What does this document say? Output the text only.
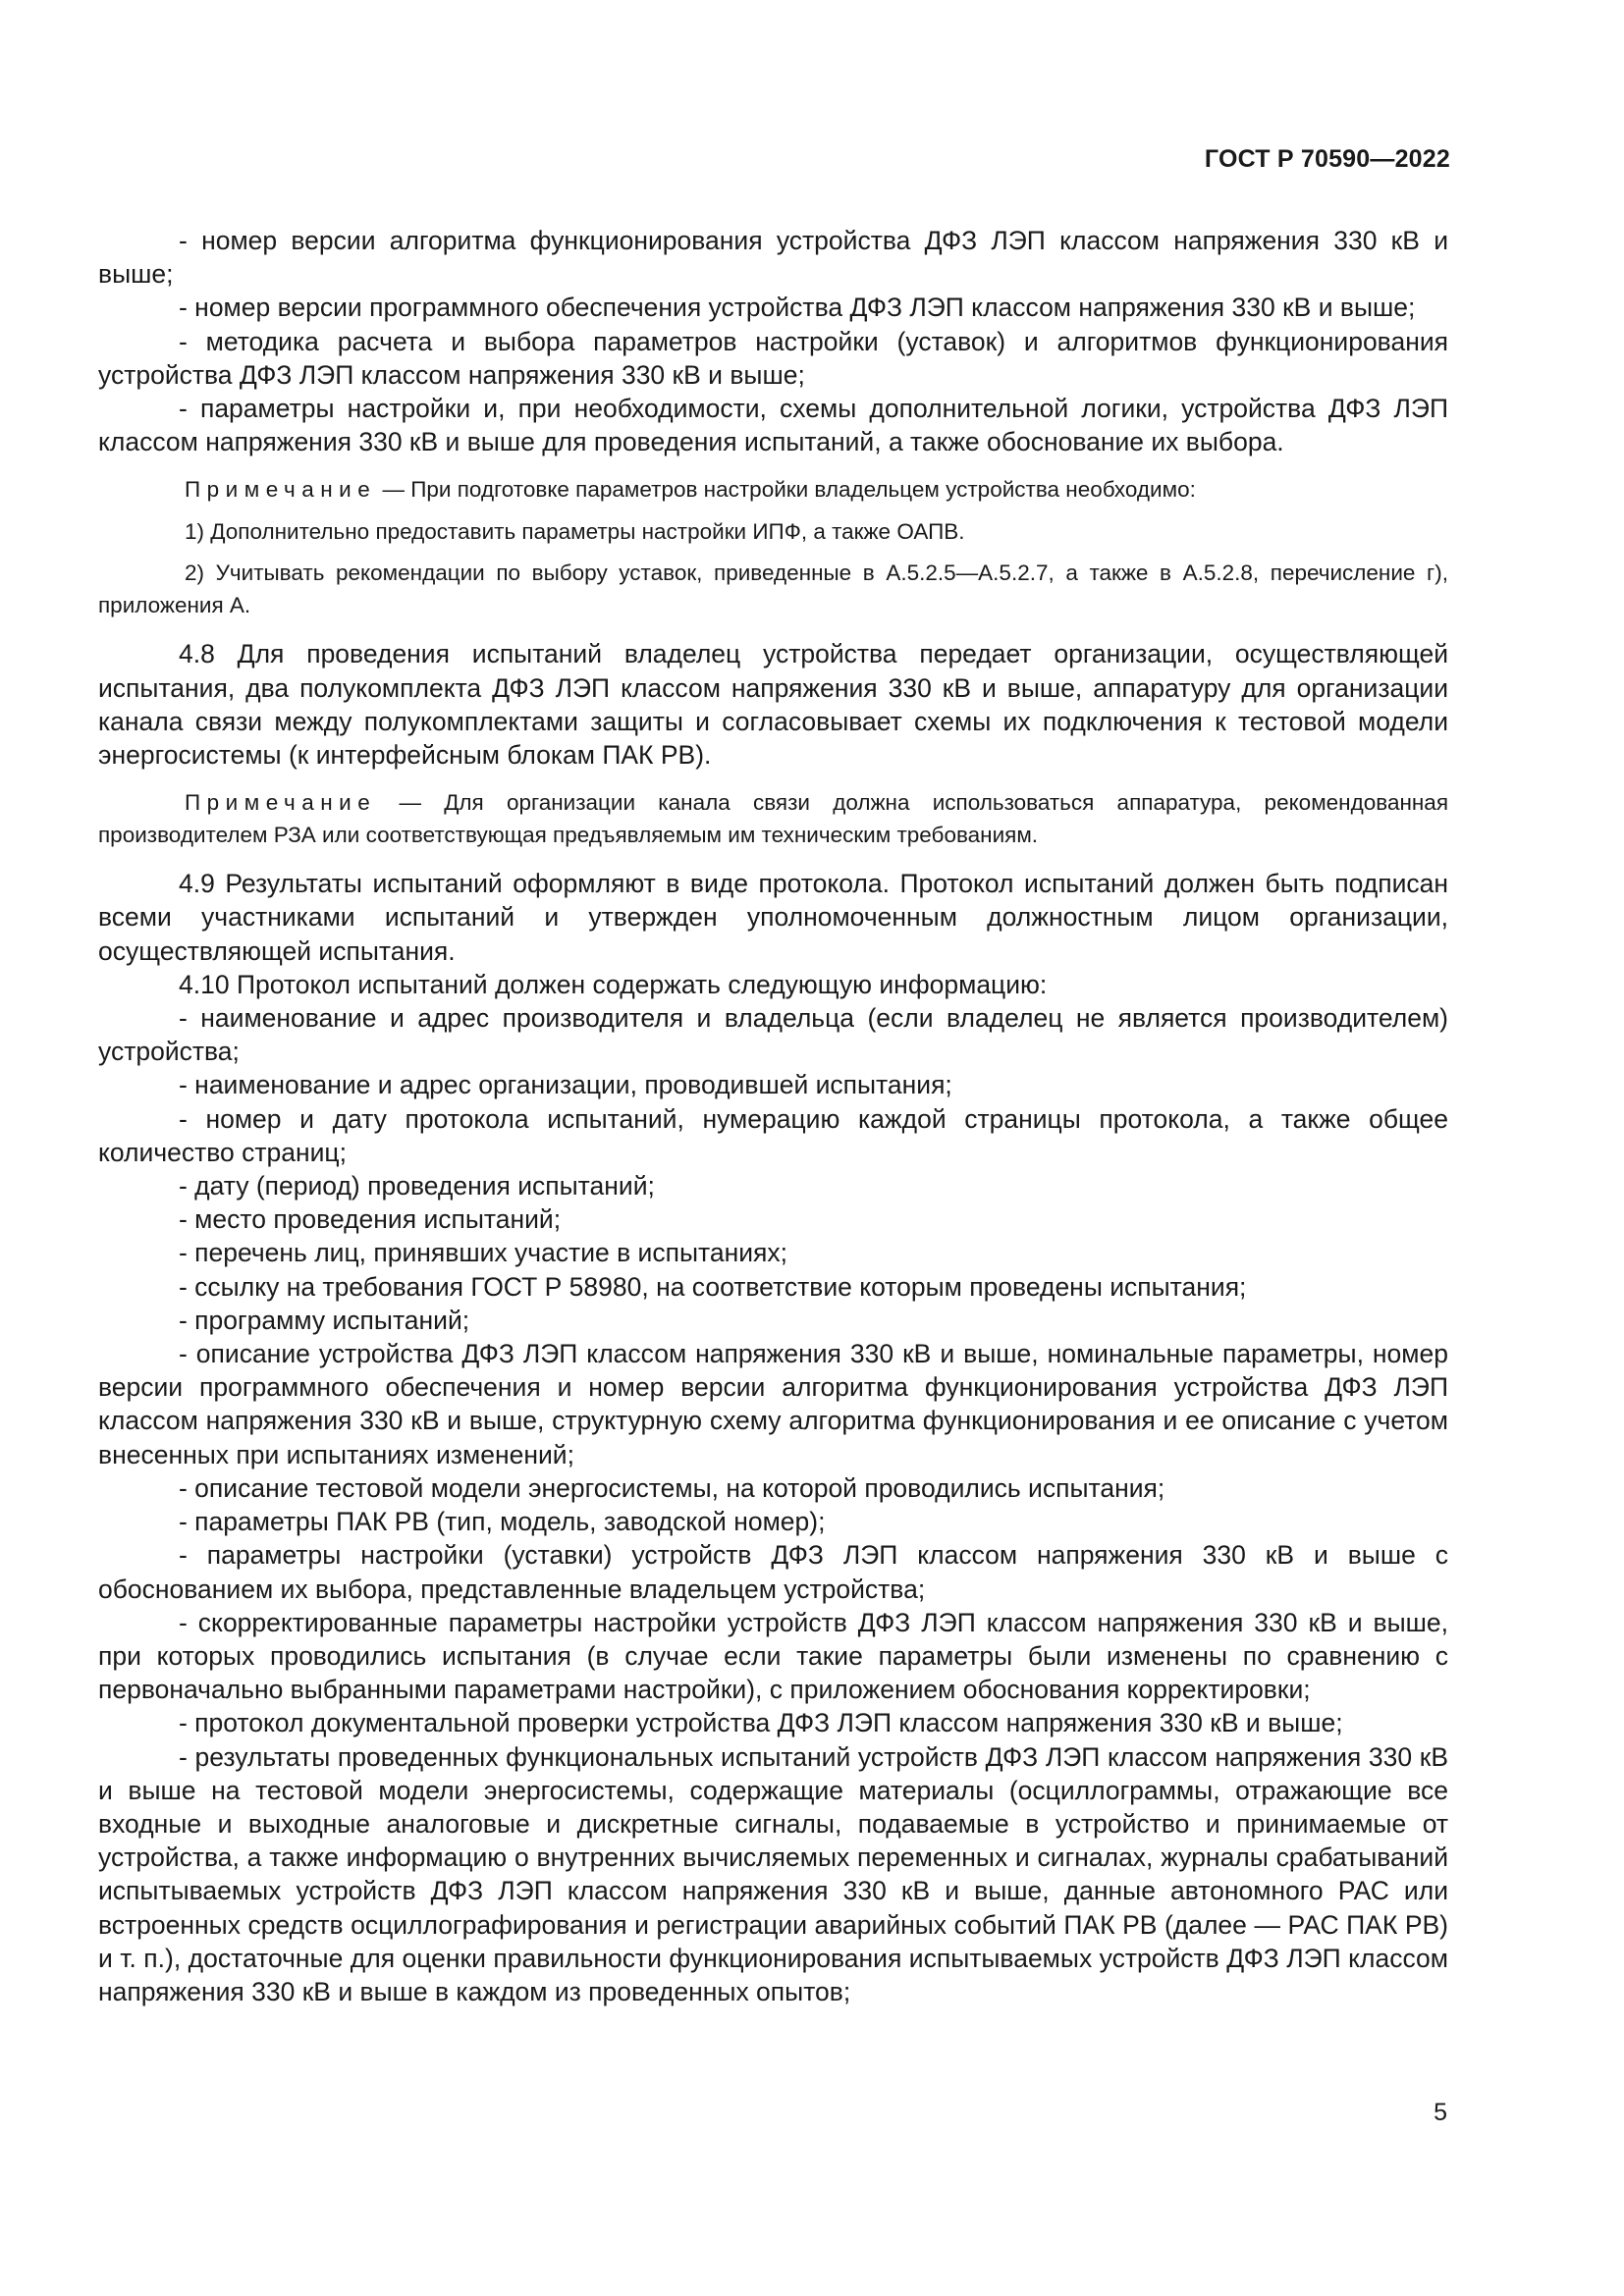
ГОСТ Р 70590—2022

- номер версии алгоритма функционирования устройства ДФЗ ЛЭП классом напряжения 330 кВ и выше;

- номер версии программного обеспечения устройства ДФЗ ЛЭП классом напряжения 330 кВ и выше;

- методика расчета и выбора параметров настройки (уставок) и алгоритмов функционирования устройства ДФЗ ЛЭП классом напряжения 330 кВ и выше;

- параметры настройки и, при необходимости, схемы дополнительной логики, устройства ДФЗ ЛЭП классом напряжения 330 кВ и выше для проведения испытаний, а также обоснование их выбора.

Примечание — При подготовке параметров настройки владельцем устройства необходимо:

1) Дополнительно предоставить параметры настройки ИПФ, а также ОАПВ.

2) Учитывать рекомендации по выбору уставок, приведенные в А.5.2.5—А.5.2.7, а также в А.5.2.8, перечисление г), приложения А.

4.8 Для проведения испытаний владелец устройства передает организации, осуществляющей испытания, два полукомплекта ДФЗ ЛЭП классом напряжения 330 кВ и выше, аппаратуру для организации канала связи между полукомплектами защиты и согласовывает схемы их подключения к тестовой модели энергосистемы (к интерфейсным блокам ПАК РВ).

Примечание — Для организации канала связи должна использоваться аппаратура, рекомендованная производителем РЗА или соответствующая предъявляемым им техническим требованиям.

4.9 Результаты испытаний оформляют в виде протокола. Протокол испытаний должен быть подписан всеми участниками испытаний и утвержден уполномоченным должностным лицом организации, осуществляющей испытания.

4.10 Протокол испытаний должен содержать следующую информацию:

- наименование и адрес производителя и владельца (если владелец не является производителем) устройства;

- наименование и адрес организации, проводившей испытания;

- номер и дату протокола испытаний, нумерацию каждой страницы протокола, а также общее количество страниц;

- дату (период) проведения испытаний;

- место проведения испытаний;

- перечень лиц, принявших участие в испытаниях;

- ссылку на требования ГОСТ Р 58980, на соответствие которым проведены испытания;

- программу испытаний;

- описание устройства ДФЗ ЛЭП классом напряжения 330 кВ и выше, номинальные параметры, номер версии программного обеспечения и номер версии алгоритма функционирования устройства ДФЗ ЛЭП классом напряжения 330 кВ и выше, структурную схему алгоритма функционирования и ее описание с учетом внесенных при испытаниях изменений;

- описание тестовой модели энергосистемы, на которой проводились испытания;

- параметры ПАК РВ (тип, модель, заводской номер);

- параметры настройки (уставки) устройств ДФЗ ЛЭП классом напряжения 330 кВ и выше с обоснованием их выбора, представленные владельцем устройства;

- скорректированные параметры настройки устройств ДФЗ ЛЭП классом напряжения 330 кВ и выше, при которых проводились испытания (в случае если такие параметры были изменены по сравнению с первоначально выбранными параметрами настройки), с приложением обоснования корректировки;

- протокол документальной проверки устройства ДФЗ ЛЭП классом напряжения 330 кВ и выше;

- результаты проведенных функциональных испытаний устройств ДФЗ ЛЭП классом напряжения 330 кВ и выше на тестовой модели энергосистемы, содержащие материалы (осциллограммы, отражающие все входные и выходные аналоговые и дискретные сигналы, подаваемые в устройство и принимаемые от устройства, а также информацию о внутренних вычисляемых переменных и сигналах, журналы срабатываний испытываемых устройств ДФЗ ЛЭП классом напряжения 330 кВ и выше, данные автономного РАС или встроенных средств осциллографирования и регистрации аварийных событий ПАК РВ (далее — РАС ПАК РВ) и т. п.), достаточные для оценки правильности функционирования испытываемых устройств ДФЗ ЛЭП классом напряжения 330 кВ и выше в каждом из проведенных опытов;

5
